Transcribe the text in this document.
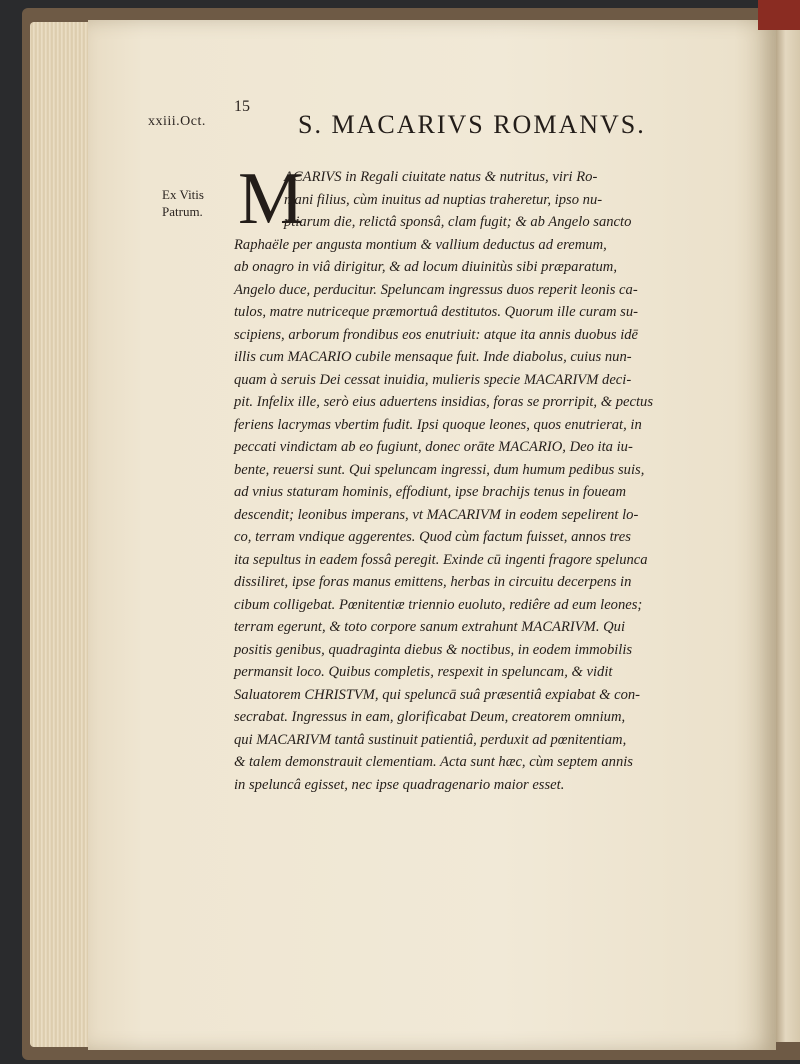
xxiii.Oct.
15
S. MACARIVS ROMANVS.
Ex Vitis Patrum. M
ACARIVS in Regali ciuitate natus & nutritus, viri Ro-
mani filius, cùm inuitus ad nuptias traheretur, ipso nu-
ptiarum die, relictâ sponsâ, clam fugit; & ab Angelo sancto
Raphaële per angusta montium & vallium deductus ad eremum,
ab onagro in viâ dirigitur, & ad locum diuinitùs sibi præparatum,
Angelo duce, perducitur. Speluncam ingressus duos reperit leonis ca-
tulos, matre nutriceque præmortuâ destitutos. Quorum ille curam su-
scipiens, arborum frondibus eos enutriuit: atque ita annis duobus idē
illis cum MACARIO cubile mensaque fuit. Inde diabolus, cuius nun-
quam à seruis Dei cessat inuidia, mulieris specie MACARIVM deci-
pit. Infelix ille, serò eius aduertens insidias, foras se prorripit, & pectus
feriens lacrymas vbertim fudit. Ipsi quoque leones, quos enutrierat, in
peccati vindictam ab eo fugiunt, donec orāte MACARIO, Deo ita iu-
bente, reuersi sunt. Qui speluncam ingressi, dum humum pedibus suis,
ad vnius staturam hominis, effodiunt, ipse brachijs tenus in foueam
descendit; leonibus imperans, vt MACARIVM in eodem sepelirent lo-
co, terram vndique aggerentes. Quod cùm factum fuisset, annos tres
ita sepultus in eadem fossâ peregit. Exinde cū ingenti fragore spelunca
dissiliret, ipse foras manus emittens, herbas in circuitu decerpens in
cibum colligebat. Pœnitentiæ triennio euoluto, rediêre ad eum leones;
terram egerunt, & toto corpore sanum extrahunt MACARIVM. Qui
positis genibus, quadraginta diebus & noctibus, in eodem immobilis
permansit loco. Quibus completis, respexit in speluncam, & vidit
Saluatorem CHRISTVM, qui speluncā suâ præsentiâ expiabat & con-
secrabat. Ingressus in eam, glorificabat Deum, creatorem omnium,
qui MACARIVM tantâ sustinuit patientiâ, perduxit ad pœnitentiam,
& talem demonstrauit clementiam. Acta sunt hæc, cùm septem annis
in speluncâ egisset, nec ipse quadragenario maior esset.
